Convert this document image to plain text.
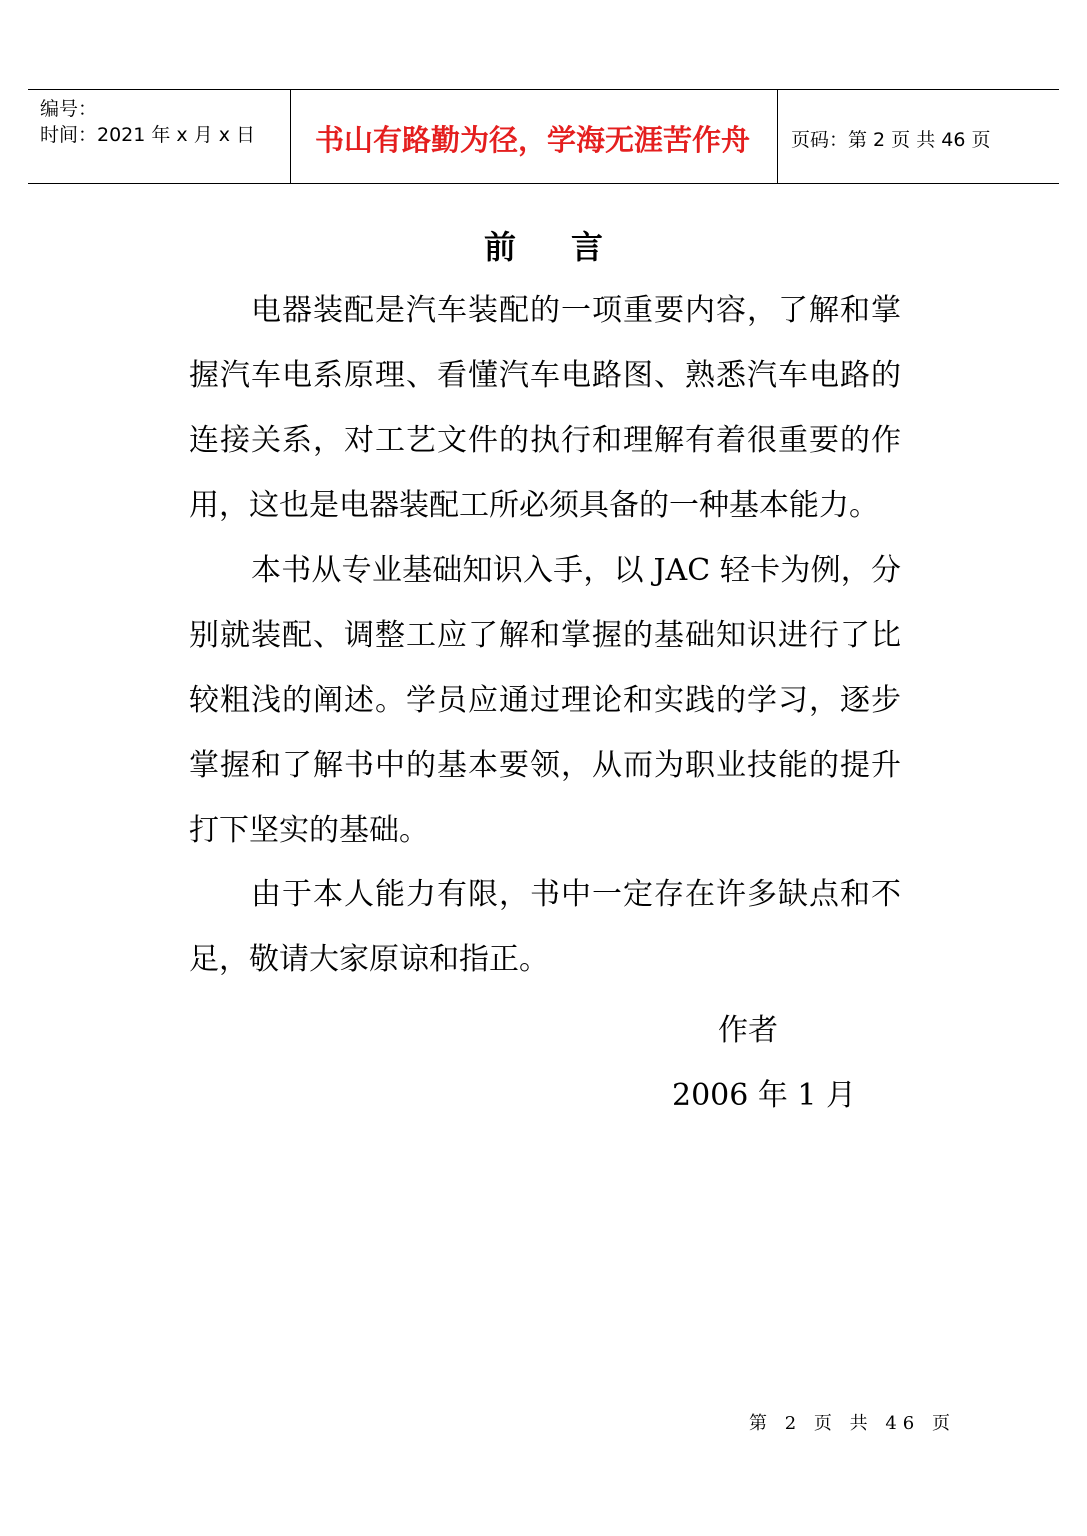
编号：
时间：2021 年 x 月 x 日 书山有路勤为径，学海无涯苦作舟 页码：第 2 页 共 46 页
前言

电器装配是汽车装配的一项重要内容，了解和掌握汽车电系原理、看懂汽车电路图、熟悉汽车电路的连接关系，对工艺文件的执行和理解有着很重要的作用，这也是电器装配工所必须具备的一种基本能力。

本书从专业基础知识入手，以 JAC 轻卡为例，分别就装配、调整工应了解和掌握的基础知识进行了比较粗浅的阐述。学员应通过理论和实践的学习，逐步掌握和了解书中的基本要领，从而为职业技能的提升打下坚实的基础。

由于本人能力有限，书中一定存在许多缺点和不足，敬请大家原谅和指正。

作者
2006 年 1 月
第 2 页 共 46 页
